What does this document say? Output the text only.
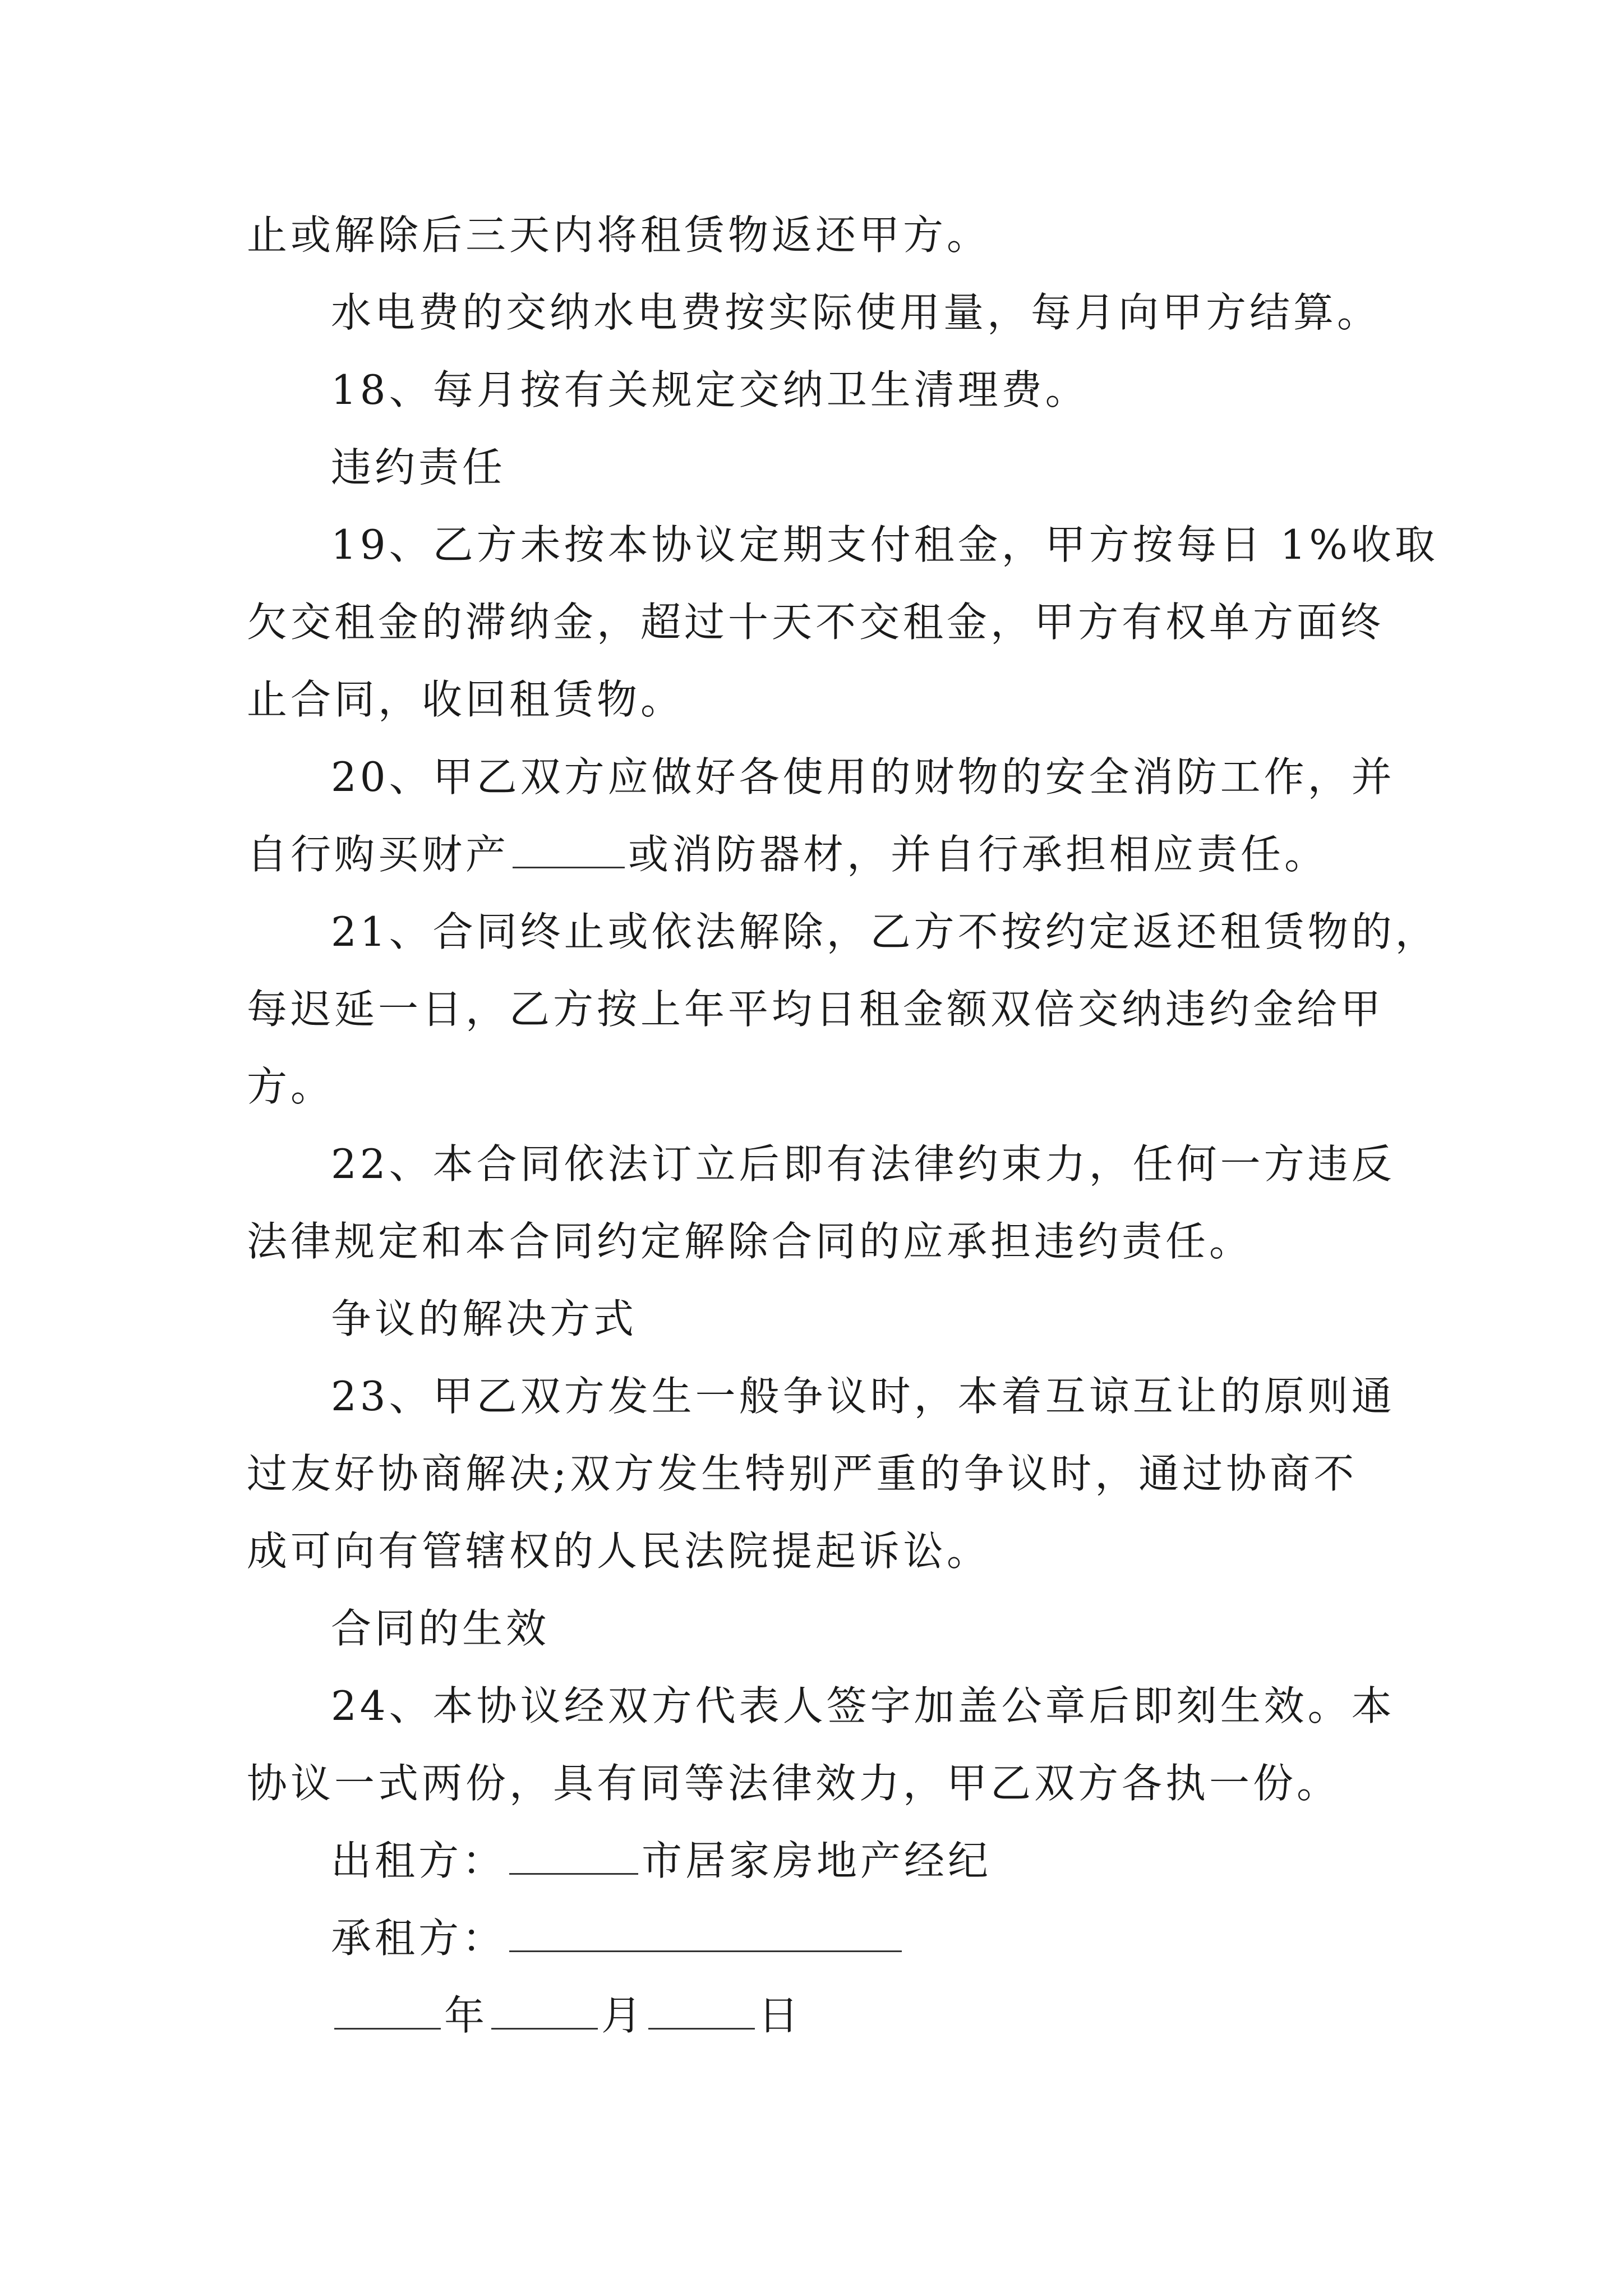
止或解除后三天内将租赁物返还甲方。
水电费的交纳水电费按实际使用量，每月向甲方结算。
18、每月按有关规定交纳卫生清理费。
违约责任
19、乙方未按本协议定期支付租金，甲方按每日 1%收取
欠交租金的滞纳金，超过十天不交租金，甲方有权单方面终
止合同，收回租赁物。
20、甲乙双方应做好各使用的财物的安全消防工作，并
自行购买财产	或消防器材，并自行承担相应责任。
21、合同终止或依法解除，乙方不按约定返还租赁物的，
每迟延一日，乙方按上年平均日租金额双倍交纳违约金给甲
方。
22、本合同依法订立后即有法律约束力，任何一方违反
法律规定和本合同约定解除合同的应承担违约责任。
争议的解决方式
23、甲乙双方发生一般争议时，本着互谅互让的原则通
过友好协商解决;双方发生特别严重的争议时，通过协商不
成可向有管辖权的人民法院提起诉讼。
合同的生效
24、本协议经双方代表人签字加盖公章后即刻生效。本
协议一式两份，具有同等法律效力，甲乙双方各执一份。
出租方：	市居家房地产经纪
承租方：
年	月	日
